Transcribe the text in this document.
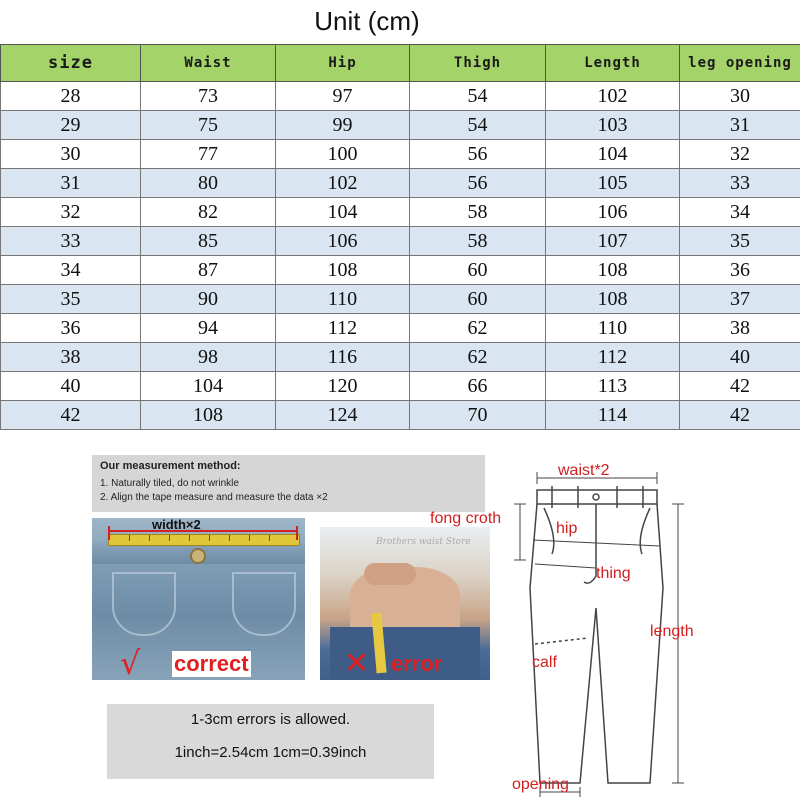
Unit (cm)
size	Waist	Hip	Thigh	Length	leg opening
28	73	97	54	102	30
29	75	99	54	103	31
30	77	100	56	104	32
31	80	102	56	105	33
32	82	104	58	106	34
33	85	106	58	107	35
34	87	108	60	108	36
35	90	110	60	108	37
36	94	112	62	110	38
38	98	116	62	112	40
40	104	120	66	113	42
42	108	124	70	114	42
Our measurement method:
1. Naturally tiled, do not wrinkle
2. Align the tape measure and measure the data ×2
width×2
√ correct
Brothers waist Store
✕ error
1-3cm errors is allowed.
1inch=2.54cm 1cm=0.39inch
waist*2
fong croth
hip
thing
length
calf
opening
